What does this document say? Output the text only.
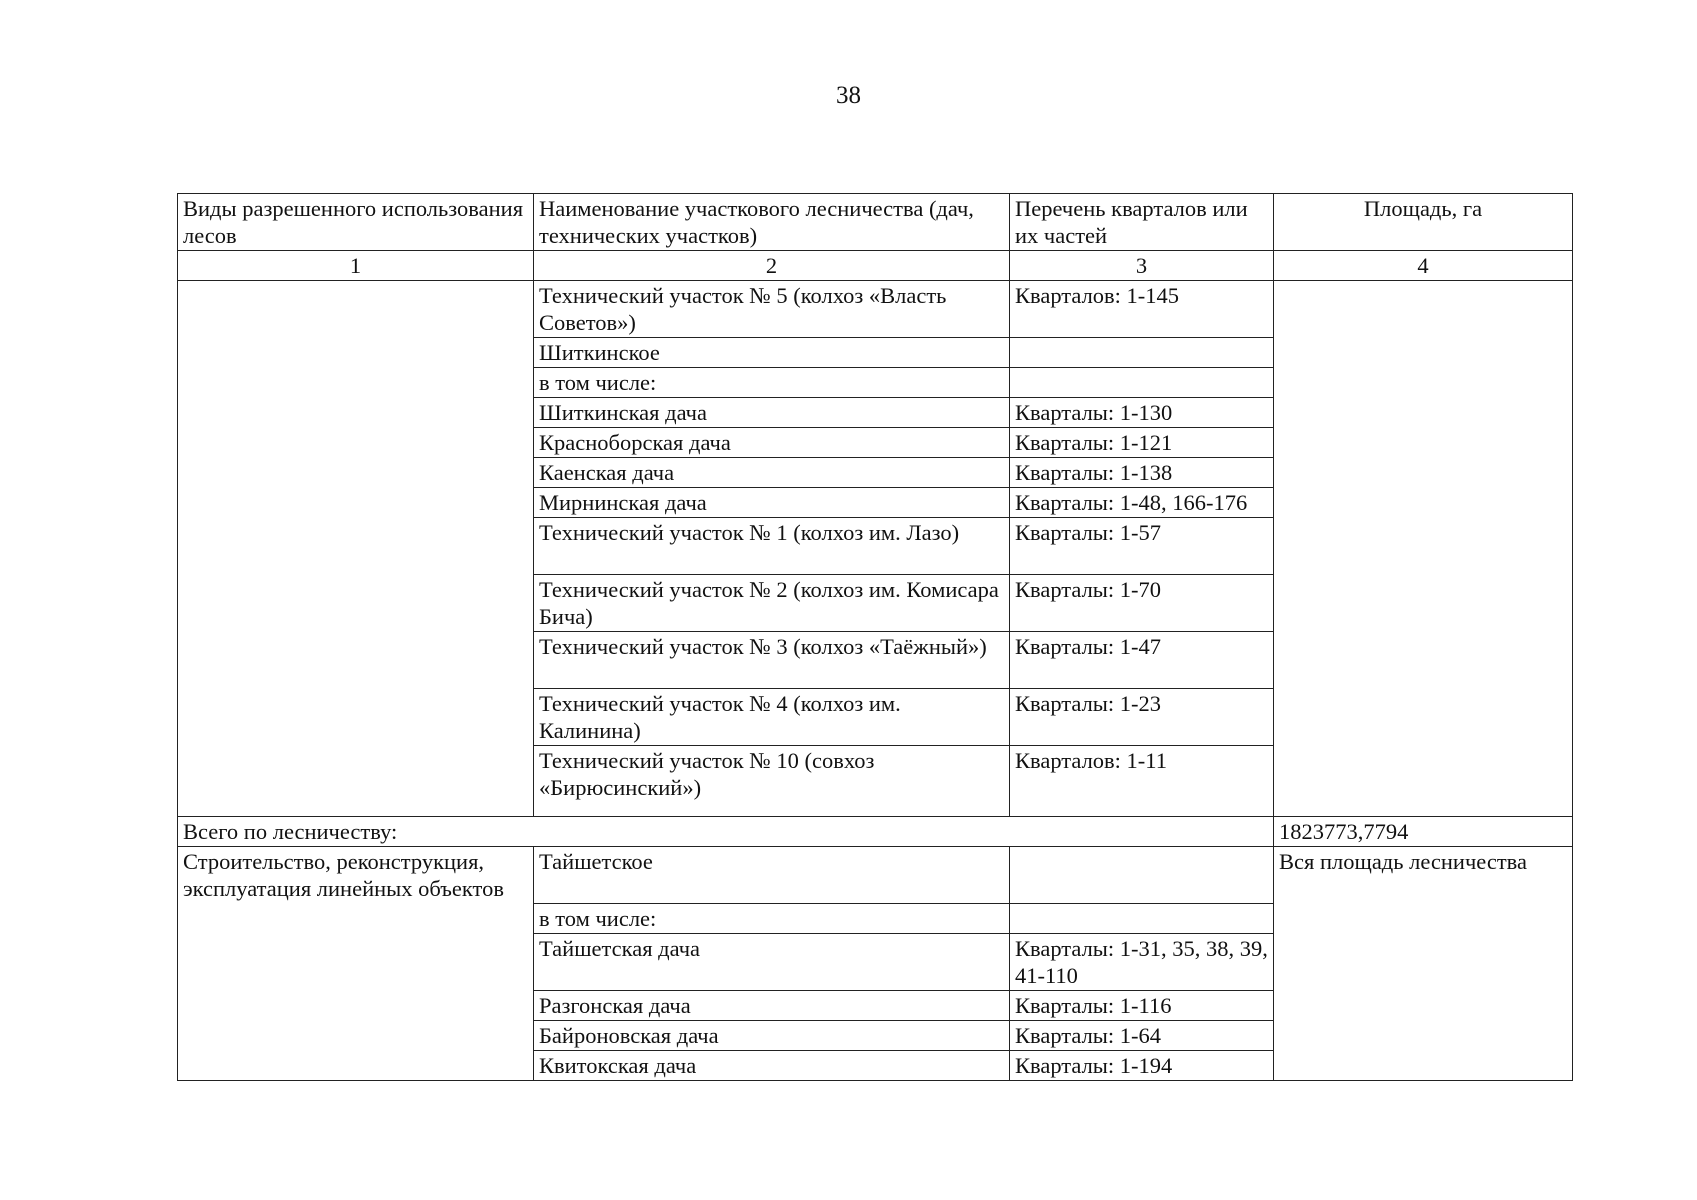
38
Виды разрешенного использования лесов	Наименование участкового лесничества (дач, технических участков)	Перечень кварталов или их частей	Площадь, га
1	2	3	4
	Технический участок № 5 (колхоз «Власть Советов»)	Кварталов: 1-145	
	Шиткинское		
	в том числе:		
	Шиткинская дача	Кварталы: 1-130	
	Красноборская дача	Кварталы: 1-121	
	Каенская дача	Кварталы: 1-138	
	Мирнинская дача	Кварталы: 1-48, 166-176	
	Технический участок № 1 (колхоз им. Лазо)	Кварталы: 1-57	
	Технический участок № 2 (колхоз им. Комисара Бича)	Кварталы: 1-70	
	Технический участок № 3 (колхоз «Таёжный»)	Кварталы: 1-47	
	Технический участок № 4 (колхоз им. Калинина)	Кварталы: 1-23	
	Технический участок № 10 (совхоз «Бирюсинский»)	Кварталов: 1-11	

Всего по лесничеству:			1823773,7794
Строительство, реконструкция, эксплуатация линейных объектов	Тайшетское		Вся площадь лесничества
	в том числе:		
	Тайшетская дача	Кварталы: 1-31, 35, 38, 39, 41-110	
	Разгонская дача	Кварталы: 1-116	
	Байроновская дача	Кварталы: 1-64	
	Квитокская дача	Кварталы: 1-194	
